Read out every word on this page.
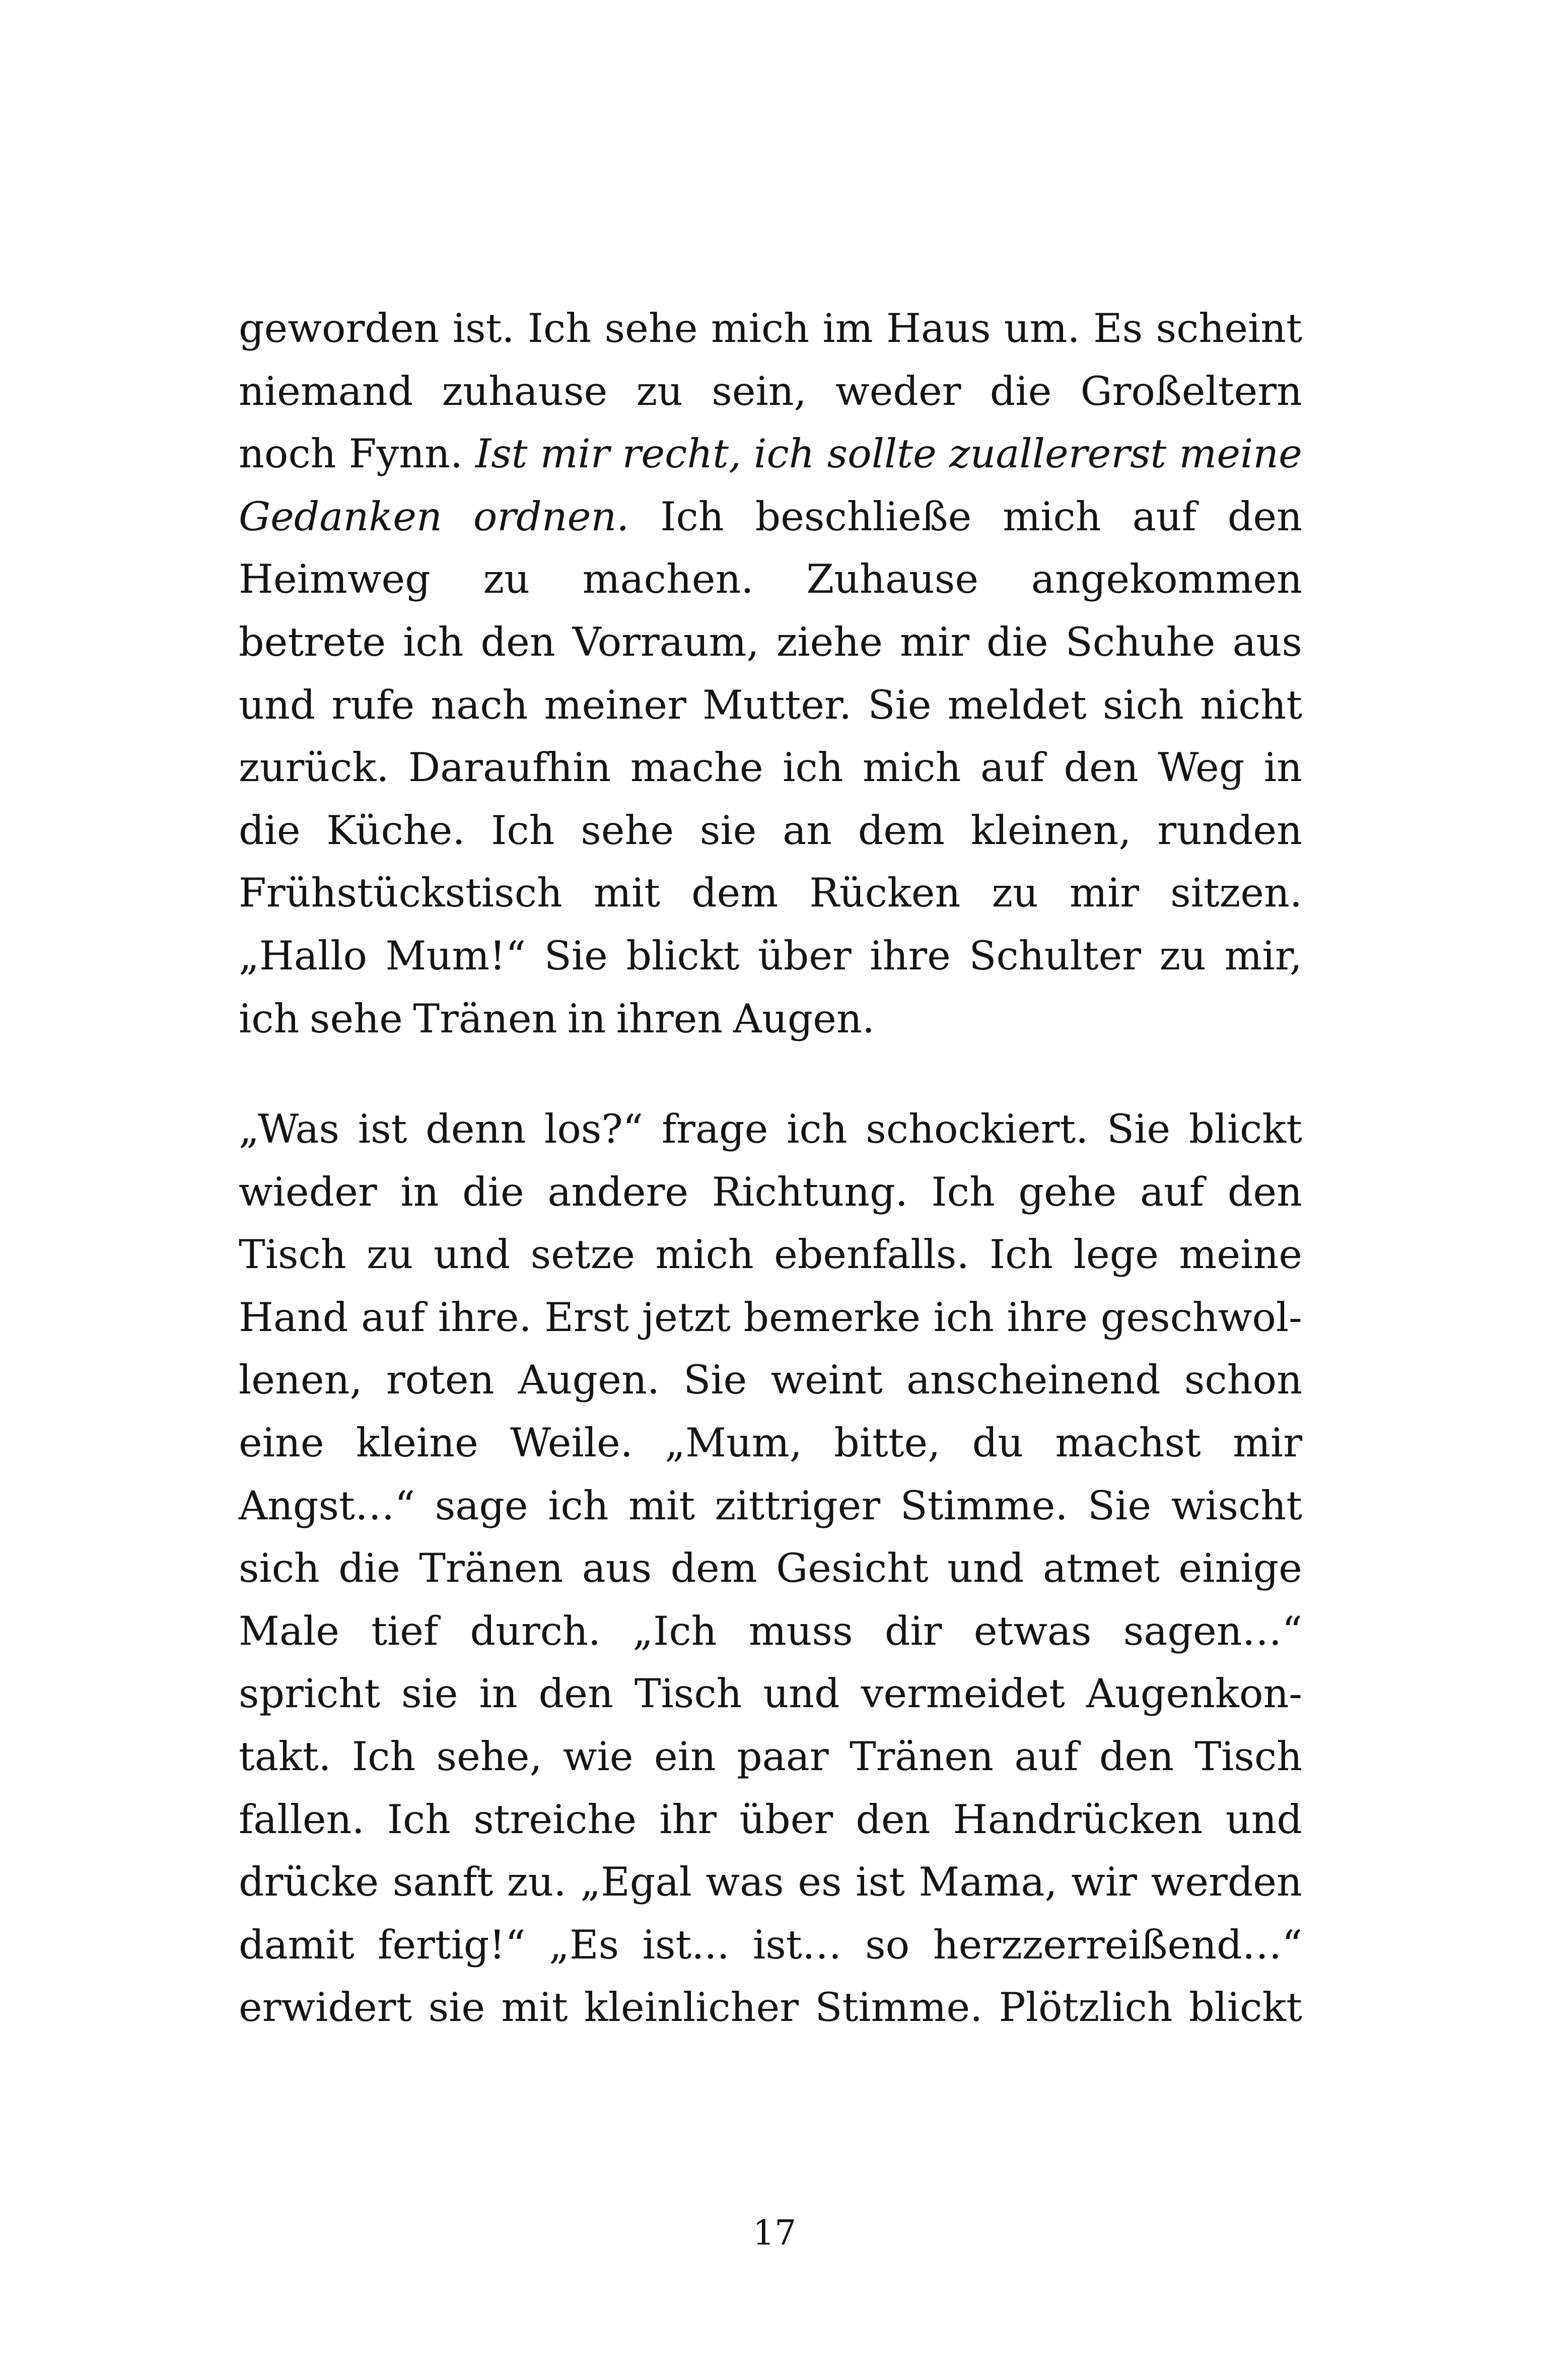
geworden ist. Ich sehe mich im Haus um. Es scheint
niemand zuhause zu sein, weder die Großeltern
noch Fynn. Ist mir recht, ich sollte zuallererst meine
Gedanken ordnen. Ich beschließe mich auf den
Heimweg zu machen. Zuhause angekommen
betrete ich den Vorraum, ziehe mir die Schuhe aus
und rufe nach meiner Mutter. Sie meldet sich nicht
zurück. Daraufhin mache ich mich auf den Weg in
die Küche. Ich sehe sie an dem kleinen, runden
Frühstückstisch mit dem Rücken zu mir sitzen.
„Hallo Mum!“ Sie blickt über ihre Schulter zu mir,
ich sehe Tränen in ihren Augen.
„Was ist denn los?“ frage ich schockiert. Sie blickt
wieder in die andere Richtung. Ich gehe auf den
Tisch zu und setze mich ebenfalls. Ich lege meine
Hand auf ihre. Erst jetzt bemerke ich ihre geschwol-
lenen, roten Augen. Sie weint anscheinend schon
eine kleine Weile. „Mum, bitte, du machst mir
Angst…“ sage ich mit zittriger Stimme. Sie wischt
sich die Tränen aus dem Gesicht und atmet einige
Male tief durch. „Ich muss dir etwas sagen…“
spricht sie in den Tisch und vermeidet Augenkon-
takt. Ich sehe, wie ein paar Tränen auf den Tisch
fallen. Ich streiche ihr über den Handrücken und
drücke sanft zu. „Egal was es ist Mama, wir werden
damit fertig!“ „Es ist... ist… so herzzerreißend…“
erwidert sie mit kleinlicher Stimme. Plötzlich blickt
17
